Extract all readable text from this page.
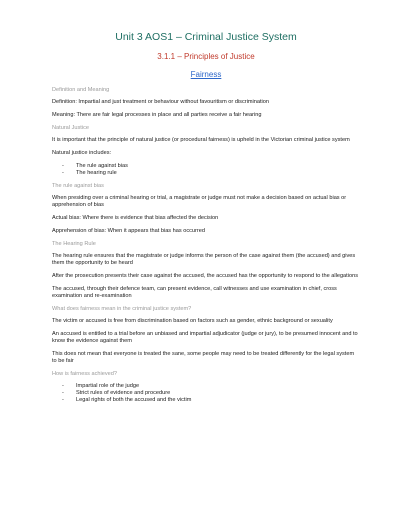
Unit 3 AOS1 – Criminal Justice System
3.1.1 – Principles of Justice
Fairness
Definition and Meaning
Definition: Impartial and just treatment or behaviour without favouritism or discrimination
Meaning: There are fair legal processes in place and all parties receive a fair hearing
Natural Justice
It is important that the principle of natural justice (or procedural fairness) is upheld in the Victorian criminal justice system
Natural justice includes:
- The rule against bias
- The hearing rule
The rule against bias
When presiding over a criminal hearing or trial, a magistrate or judge must not make a decision based on actual bias or apprehension of bias
Actual bias: Where there is evidence that bias affected the decision
Apprehension of bias: When it appears that bias has occurred
The Hearing Rule
The hearing rule ensures that the magistrate or judge informs the person of the case against them (the accused) and gives them the opportunity to be heard
After the prosecution presents their case against the accused, the accused has the opportunity to respond to the allegations
The accused, through their defence team, can present evidence, call witnesses and use examination in chief, cross examination and re-examination
What does fairness mean in the criminal justice system?
The victim or accused is free from discrimination based on factors such as gender, ethnic background or sexuality
An accused is entitled to a trial before an unbiased and impartial adjudicator (judge or jury), to be presumed innocent and to know the evidence against them
This does not mean that everyone is treated the sane, some people may need to be treated differently for the legal system to be fair
How is fairness achieved?
- Impartial role of the judge
- Strict rules of evidence and procedure
- Legal rights of both the accused and the victim
